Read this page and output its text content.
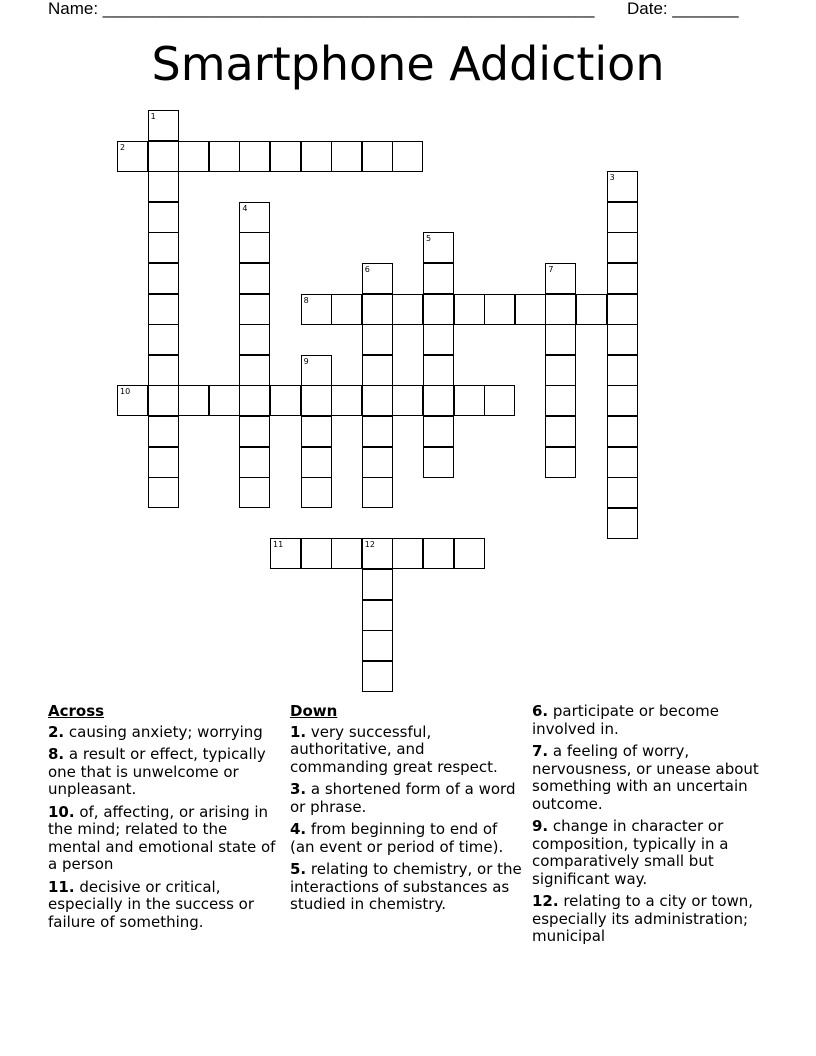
Name: ____________________________________________________ Date: _______
Smartphone Addiction
2
8
10
11	12
1
3
4
5
6	7
9
Across
2. causing anxiety; worrying
8. a result or effect, typically one that is unwelcome or unpleasant.
10. of, affecting, or arising in the mind; related to the mental and emotional state of a person
11. decisive or critical, especially in the success or failure of something.
Down
1. very successful, authoritative, and commanding great respect.
3. a shortened form of a word or phrase.
4. from beginning to end of (an event or period of time).
5. relating to chemistry, or the interactions of substances as studied in chemistry.
6. participate or become involved in.
7. a feeling of worry, nervousness, or unease about something with an uncertain outcome.
9. change in character or composition, typically in a comparatively small but significant way.
12. relating to a city or town, especially its administration; municipal
